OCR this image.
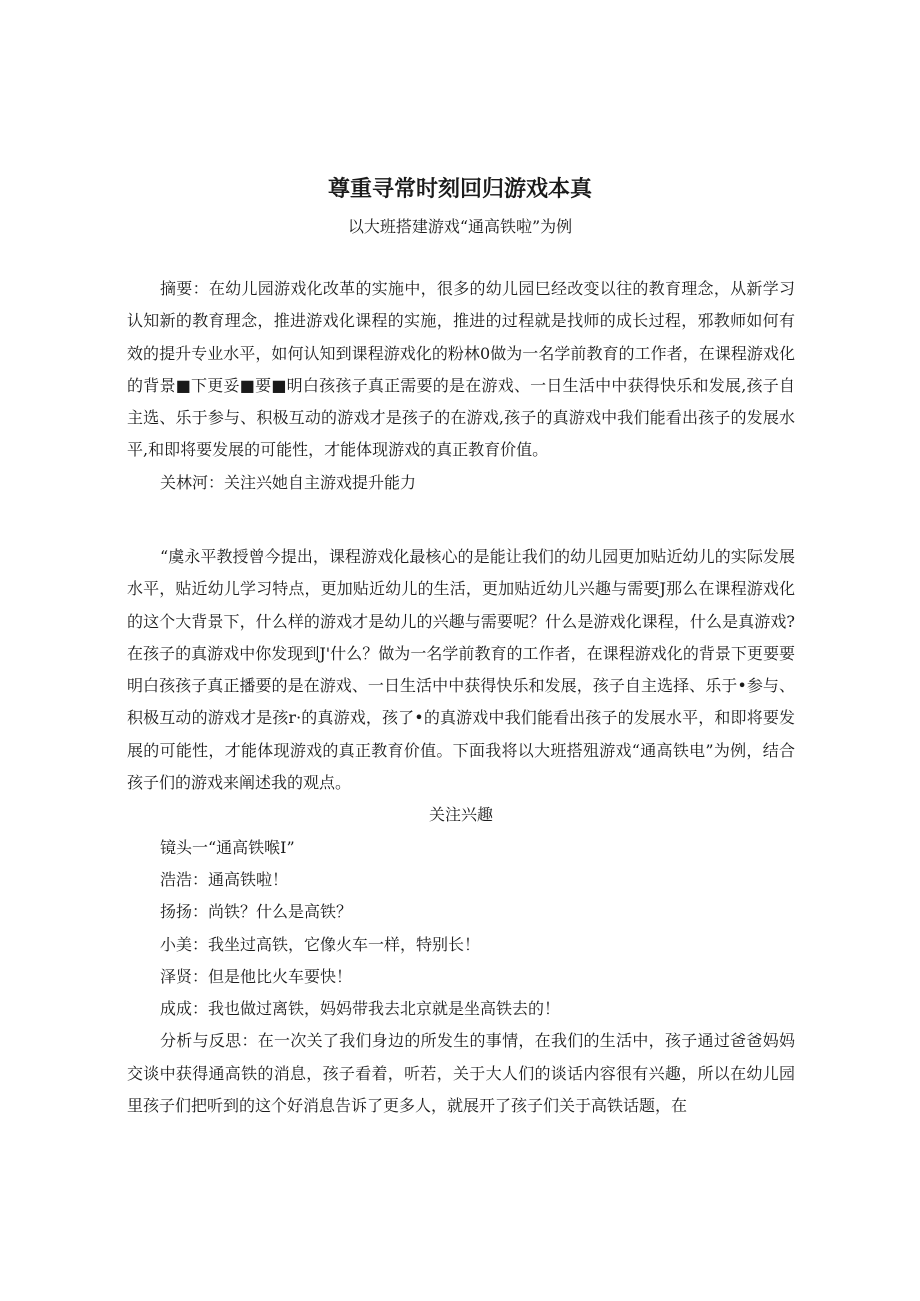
尊重寻常时刻回归游戏本真
以大班搭建游戏“通高铁啦”为例

摘要：在幼儿园游戏化改革的实施中，很多的幼儿园巳经改变以往的教育理念，从新学习认知新的教育理念，推进游戏化课程的实施，推进的过程就是找师的成长过程，邪教师如何有效的提升专业水平，如何认知到课程游戏化的粉林0做为一名学前教育的工作者，在课程游戏化的背景■下更妥■要■明白孩孩子真正需要的是在游戏、一日生活中中获得快乐和发展,孩子自主选、乐于参与、积极互动的游戏才是孩子的在游戏,孩子的真游戏中我们能看出孩子的发展水平,和即将要发展的可能性，才能体现游戏的真正教育价值。

关林河：关注兴她自主游戏提升能力

“虞永平教授曾今提出，课程游戏化最核心的是能让我们的幼儿园更加贴近幼儿的实际发展水平，贴近幼儿学习特点，更加贴近幼儿的生活，更加贴近幼儿兴趣与需要J那么在课程游戏化的这个大背景下，什么样的游戏才是幼儿的兴趣与需要呢？什么是游戏化课程，什么是真游戏?在孩子的真游戏中你发现到J'什么？做为一名学前教育的工作者，在课程游戏化的背景下更要要明白孩孩子真正播要的是在游戏、一日生活中中获得快乐和发展，孩子自主选择、乐于•参与、积极互动的游戏才是孩r·的真游戏，孩了•的真游戏中我们能看出孩子的发展水平，和即将要发展的可能性，才能体现游戏的真正教育价值。下面我将以大班搭殂游戏“通高铁电”为例，结合孩子们的游戏来阐述我的观点。

关注兴趣

镜头一“通高铁喉I”

浩浩：通高铁啦！

扬扬：尚铁？什么是高铁？

小美：我坐过高铁，它像火车一样，特别长！

泽贤：但是他比火车要快！

成成：我也做过离铁，妈妈带我去北京就是坐高铁去的！

分析与反思：在一次关了我们身边的所发生的事情，在我们的生活中，孩子通过爸爸妈妈交谈中获得通高铁的消息，孩子看着，听若，关于大人们的谈话内容很有兴趣，所以在幼儿园里孩子们把听到的这个好消息告诉了更多人，就展开了孩子们关于高铁话题，在
